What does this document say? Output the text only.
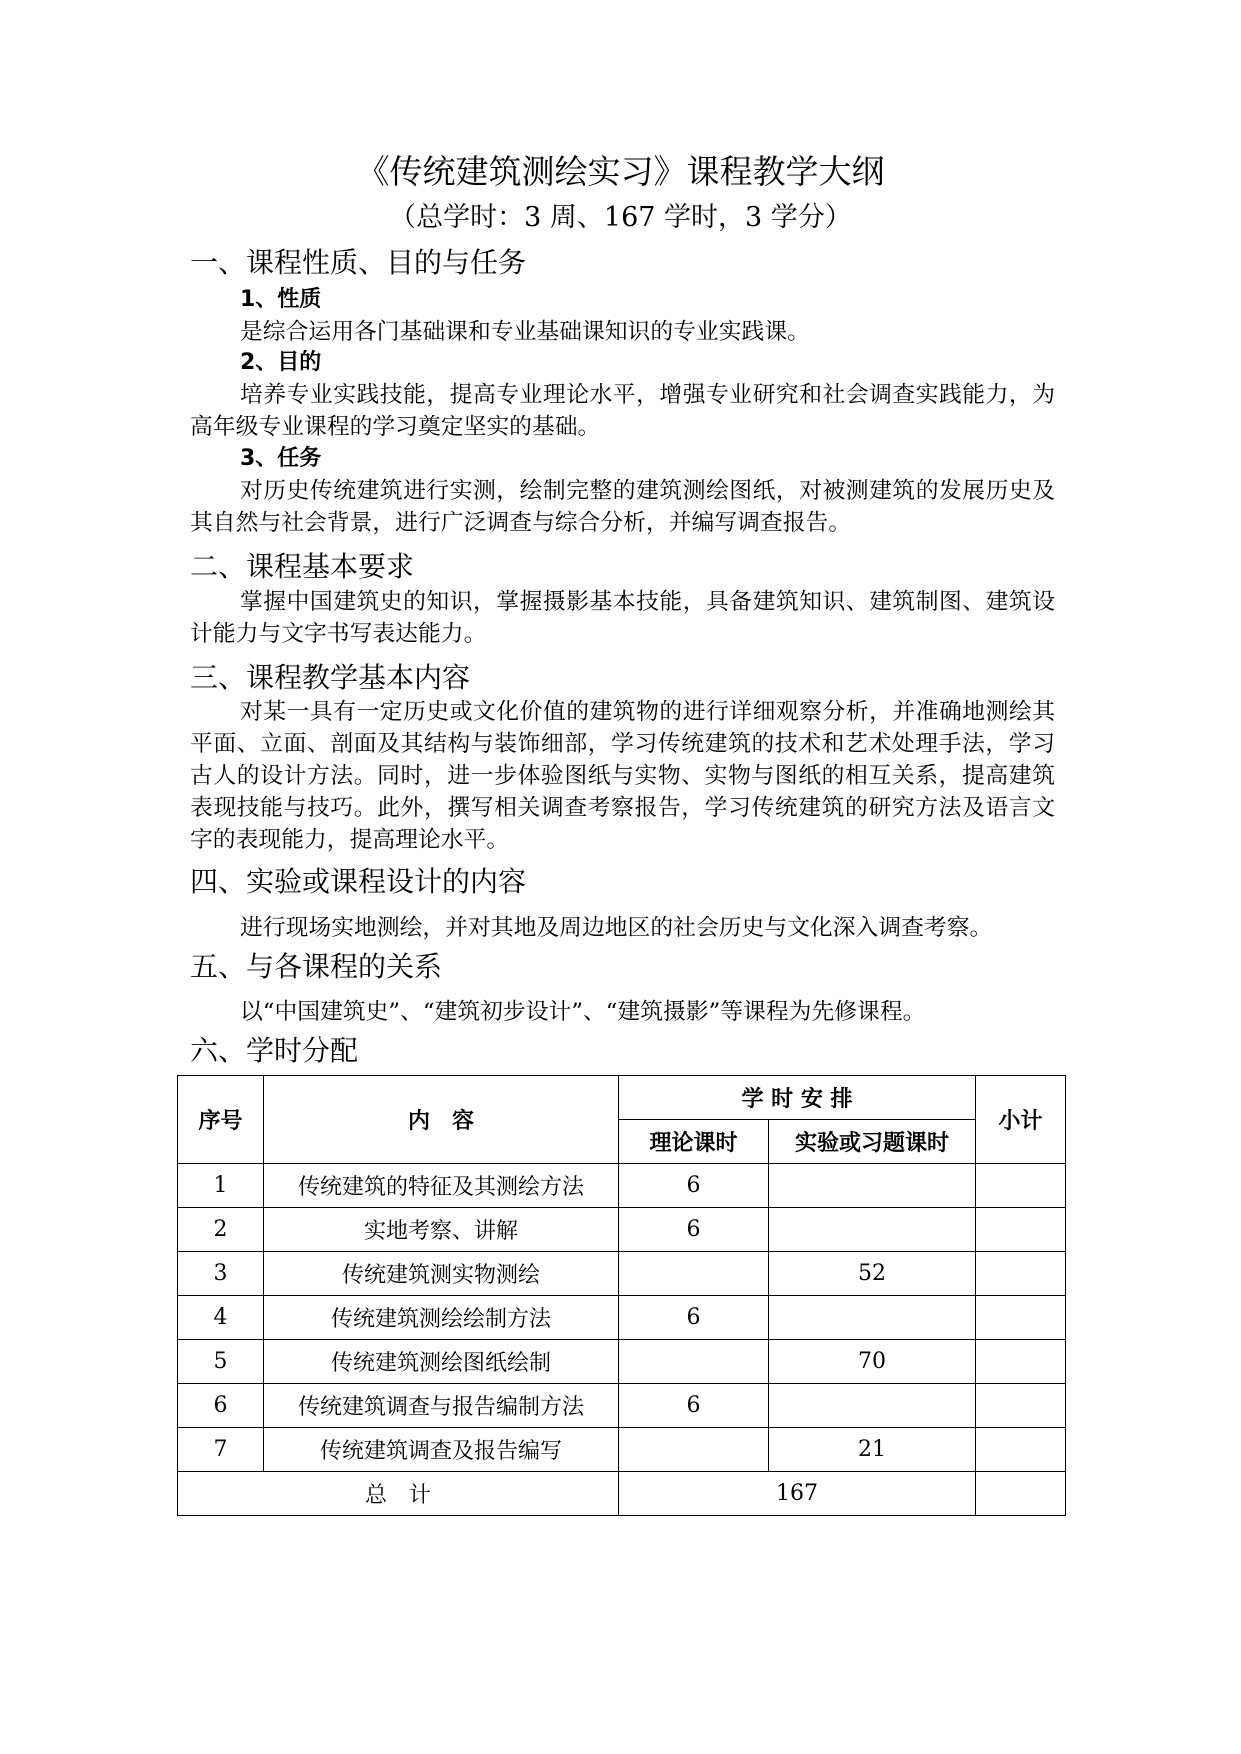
《传统建筑测绘实习》课程教学大纲
（总学时：3 周、167 学时，3 学分）
一、课程性质、目的与任务
1、性质
是综合运用各门基础课和专业基础课知识的专业实践课。
2、目的
培养专业实践技能，提高专业理论水平，增强专业研究和社会调查实践能力，为高年级专业课程的学习奠定坚实的基础。
3、任务
对历史传统建筑进行实测，绘制完整的建筑测绘图纸，对被测建筑的发展历史及其自然与社会背景，进行广泛调查与综合分析，并编写调查报告。
二、课程基本要求
掌握中国建筑史的知识，掌握摄影基本技能，具备建筑知识、建筑制图、建筑设计能力与文字书写表达能力。
三、课程教学基本内容
对某一具有一定历史或文化价值的建筑物的进行详细观察分析，并准确地测绘其平面、立面、剖面及其结构与装饰细部，学习传统建筑的技术和艺术处理手法，学习古人的设计方法。同时，进一步体验图纸与实物、实物与图纸的相互关系，提高建筑表现技能与技巧。此外，撰写相关调查考察报告，学习传统建筑的研究方法及语言文字的表现能力，提高理论水平。
四、实验或课程设计的内容
进行现场实地测绘，并对其地及周边地区的社会历史与文化深入调查考察。
五、与各课程的关系
以“中国建筑史”、“建筑初步设计”、“建筑摄影”等课程为先修课程。
六、学时分配
序号	内　容	学 时 安 排		小计
		理论课时	实验或习题课时	
1	传统建筑的特征及其测绘方法	6		
2	实地考察、讲解	6		
3	传统建筑测实物测绘		52	
4	传统建筑测绘绘制方法	6		
5	传统建筑测绘图纸绘制		70	
6	传统建筑调查与报告编制方法	6		
7	传统建筑调查及报告编写		21	
总　计		167		
